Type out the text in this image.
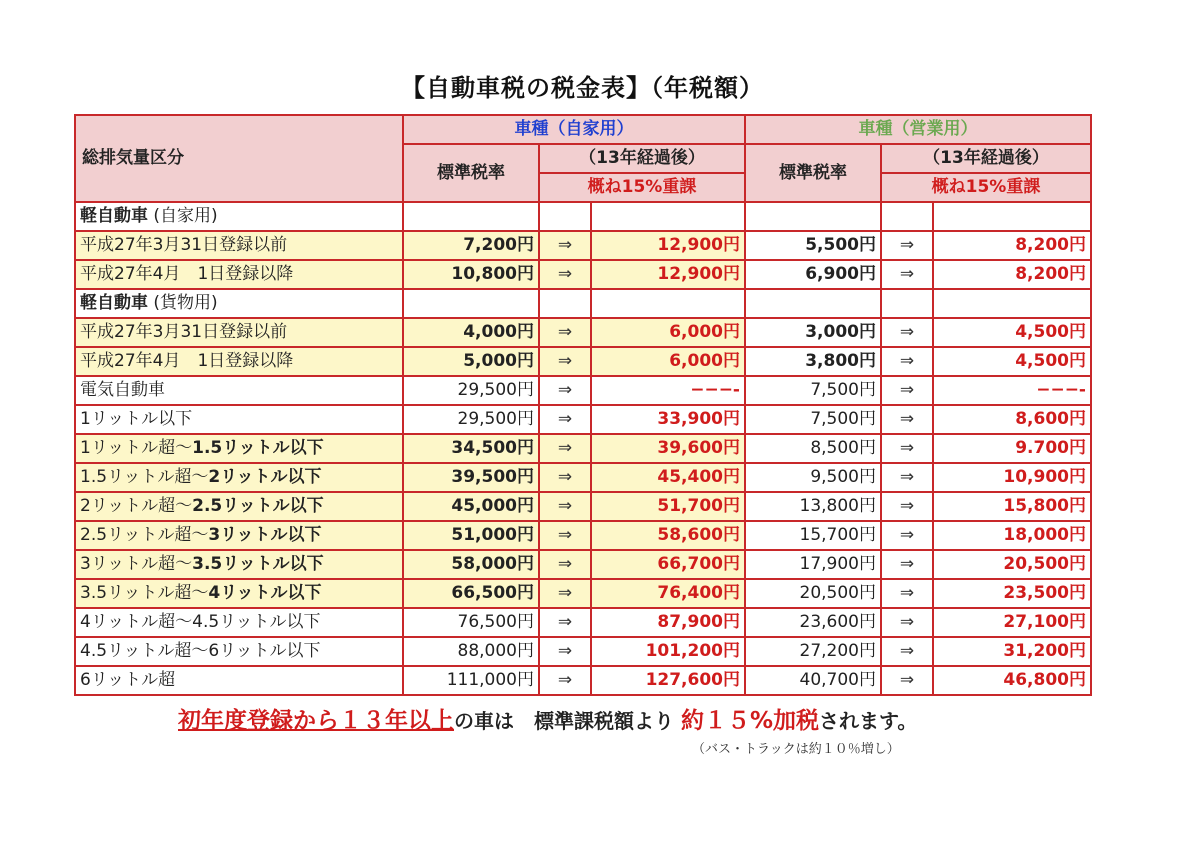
【自動車税の税金表】（年税額）
総排気量区分	車種（自家用）			車種（営業用）		
	標準税率	（13年経過後）		標準税率	（13年経過後）	
		概ね15%重課			概ね15%重課	
軽自動車 (自家用)						
平成27年3月31日登録以前	7,200円	⇒	12,900円	5,500円	⇒	8,200円
平成27年4月　1日登録以降	10,800円	⇒	12,900円	6,900円	⇒	8,200円
軽自動車 (貨物用)						
平成27年3月31日登録以前	4,000円	⇒	6,000円	3,000円	⇒	4,500円
平成27年4月　1日登録以降	5,000円	⇒	6,000円	3,800円	⇒	4,500円
電気自動車	29,500円	⇒	−−−-	7,500円	⇒	−−−-
1リットル以下	29,500円	⇒	33,900円	7,500円	⇒	8,600円
1リットル超～1.5リットル以下	34,500円	⇒	39,600円	8,500円	⇒	9.700円
1.5リットル超～2リットル以下	39,500円	⇒	45,400円	9,500円	⇒	10,900円
2リットル超～2.5リットル以下	45,000円	⇒	51,700円	13,800円	⇒	15,800円
2.5リットル超～3リットル以下	51,000円	⇒	58,600円	15,700円	⇒	18,000円
3リットル超～3.5リットル以下	58,000円	⇒	66,700円	17,900円	⇒	20,500円
3.5リットル超～4リットル以下	66,500円	⇒	76,400円	20,500円	⇒	23,500円
4リットル超～4.5リットル以下	76,500円	⇒	87,900円	23,600円	⇒	27,100円
4.5リットル超～6リットル以下	88,000円	⇒	101,200円	27,200円	⇒	31,200円
6リットル超	111,000円	⇒	127,600円	40,700円	⇒	46,800円
初年度登録から１３年以上の車は　標準課税額より 約１５%加税されます。
（バス・トラックは約１０％増し）
